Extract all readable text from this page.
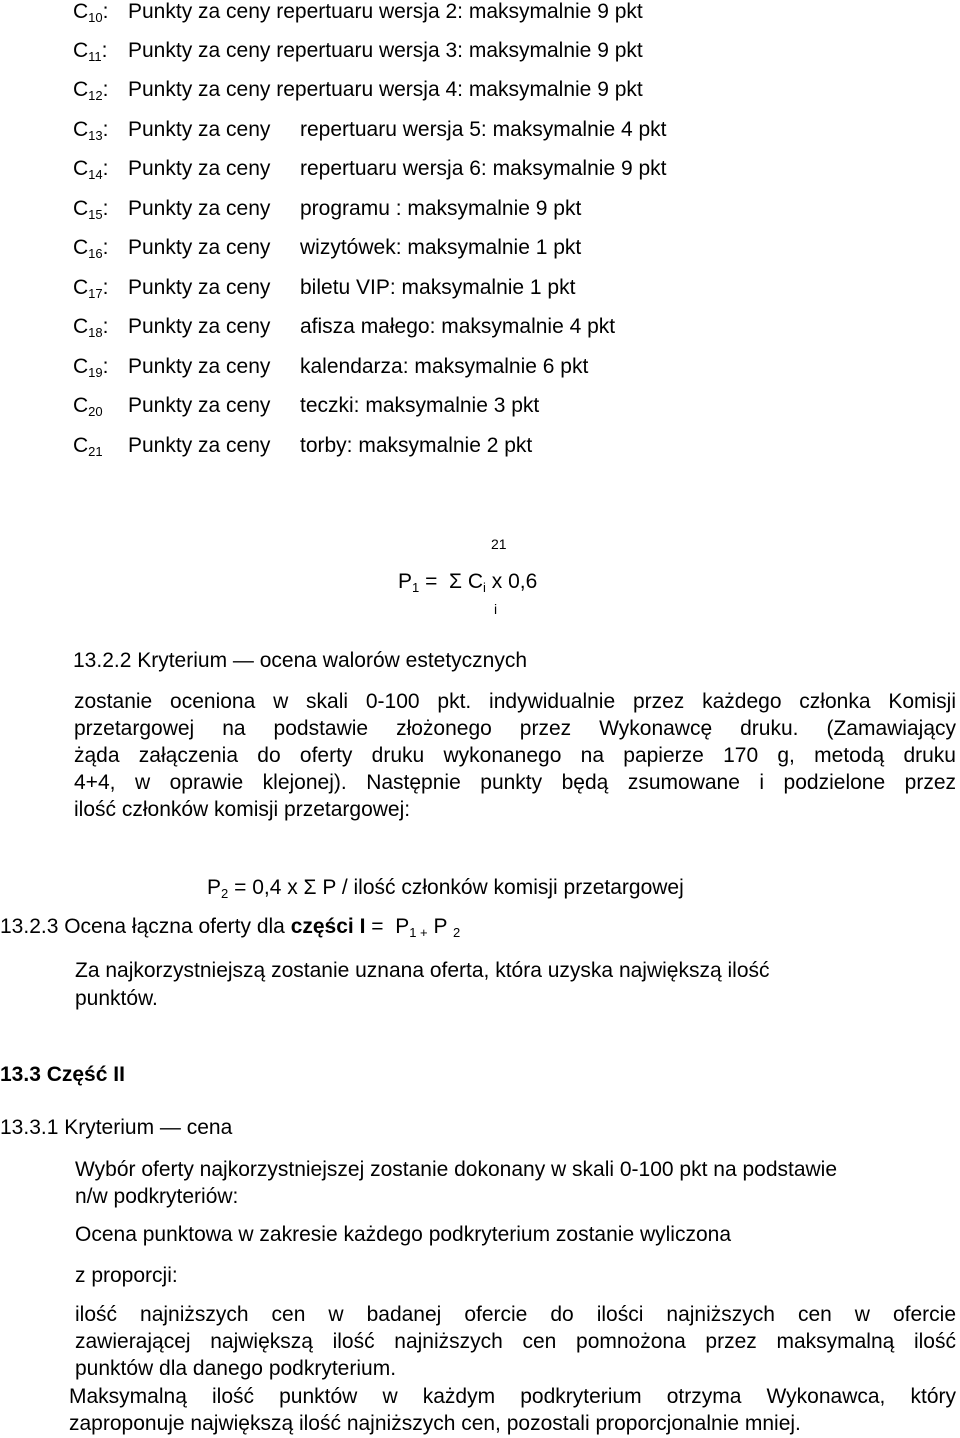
$C_{10}$: Punkty za ceny repertuaru wersja 2: maksymalnie 9 pkt
$C_{11}$: Punkty za ceny repertuaru wersja 3: maksymalnie 9 pkt
$C_{12}$: Punkty za ceny repertuaru wersja 4: maksymalnie 9 pkt
$C_{13}$: Punkty za ceny repertuaru wersja 5: maksymalnie 4 pkt
$C_{14}$: Punkty za ceny repertuaru wersja 6: maksymalnie 9 pkt
$C_{15}$: Punkty za ceny programu : maksymalnie 9 pkt
$C_{16}$: Punkty za ceny wizytówek: maksymalnie 1 pkt
$C_{17}$: Punkty za ceny biletu VIP: maksymalnie 1 pkt
$C_{18}$: Punkty za ceny afisza małego: maksymalnie 4 pkt
$C_{19}$: Punkty za ceny kalendarza: maksymalnie 6 pkt
$C_{20}$ Punkty za ceny teczki: maksymalnie 3 pkt
$C_{21}$ Punkty za ceny torby: maksymalnie 2 pkt
21
$P_1 = \Sigma$ $C_i$ x 0,6
i
13.2.2 Kryterium — ocena walorów estetycznych
zostanie oceniona w skali 0-100 pkt. indywidualnie przez każdego członka Komisji
przetargowej na podstawie złożonego przez Wykonawcę druku. (Zamawiający
żąda załączenia do oferty druku wykonanego na papierze 170 g, metodą druku
4+4, w oprawie klejonej). Następnie punkty będą zsumowane i podzielone przez
ilość członków komisji przetargowej:
$P_2 = 0,4$ x Σ P / ilość członków komisji przetargowej
13.2.3 Ocena łączna oferty dla części $I = P_{1 +}$ P $_2$
Za najkorzystniejszą zostanie uznana oferta, która uzyska największą ilość
punktów.
13.3 Część II
13.3.1 Kryterium — cena
Wybór oferty najkorzystniejszej zostanie dokonany w skali 0-100 pkt na podstawie
n/w podkryteriów:
Ocena punktowa w zakresie każdego podkryterium zostanie wyliczona
z proporcji:
ilość najniższych cen w badanej ofercie do ilości najniższych cen w ofercie
zawierającej największą ilość najniższych cen pomnożona przez maksymalną ilość
punktów dla danego podkryterium.
Maksymalną ilość punktów w każdym podkryterium otrzyma Wykonawca, który
zaproponuje największą ilość najniższych cen, pozostali proporcjonalnie mniej.
